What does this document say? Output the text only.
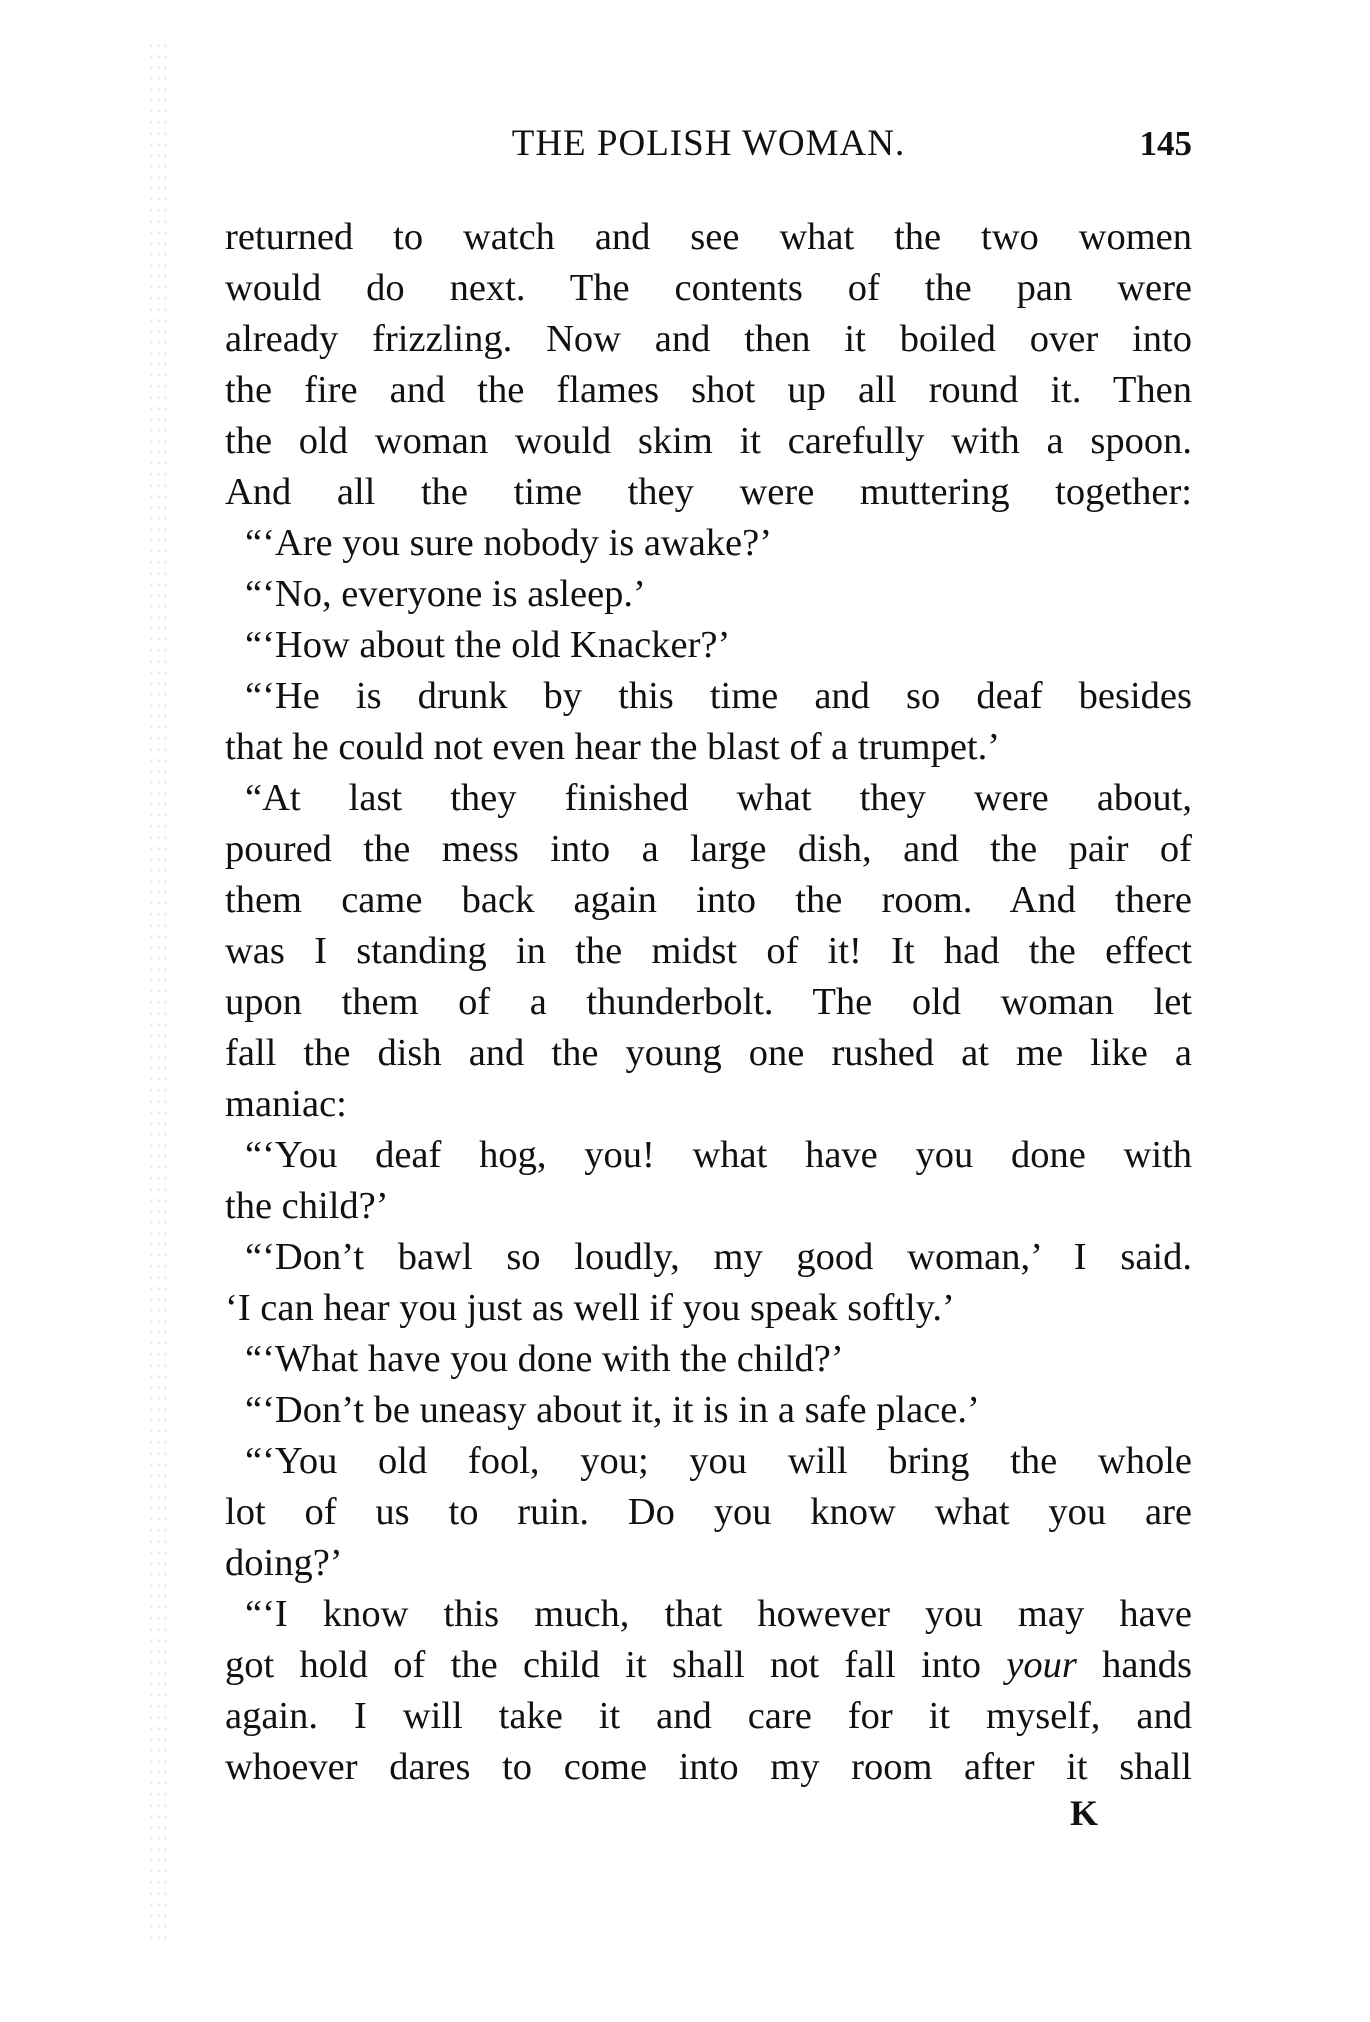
THE POLISH WOMAN.	145
returned to watch and see what the two women
would do next. The contents of the pan were
already frizzling. Now and then it boiled over into
the fire and the flames shot up all round it. Then
the old woman would skim it carefully with a spoon.
And all the time they were muttering together:
“‘Are you sure nobody is awake?’
“‘No, everyone is asleep.’
“‘How about the old Knacker?’
“‘He is drunk by this time and so deaf besides
that he could not even hear the blast of a trumpet.’
“At last they finished what they were about,
poured the mess into a large dish, and the pair of
them came back again into the room. And there
was I standing in the midst of it! It had the effect
upon them of a thunderbolt. The old woman let
fall the dish and the young one rushed at me like a
maniac:
“‘You deaf hog, you! what have you done with
the child?’
“‘Don’t bawl so loudly, my good woman,’ I said.
‘I can hear you just as well if you speak softly.’
“‘What have you done with the child?’
“‘Don’t be uneasy about it, it is in a safe place.’
“‘You old fool, you; you will bring the whole
lot of us to ruin. Do you know what you are
doing?’
“‘I know this much, that however you may have
got hold of the child it shall not fall into your hands
again. I will take it and care for it myself, and
whoever dares to come into my room after it shall
K
